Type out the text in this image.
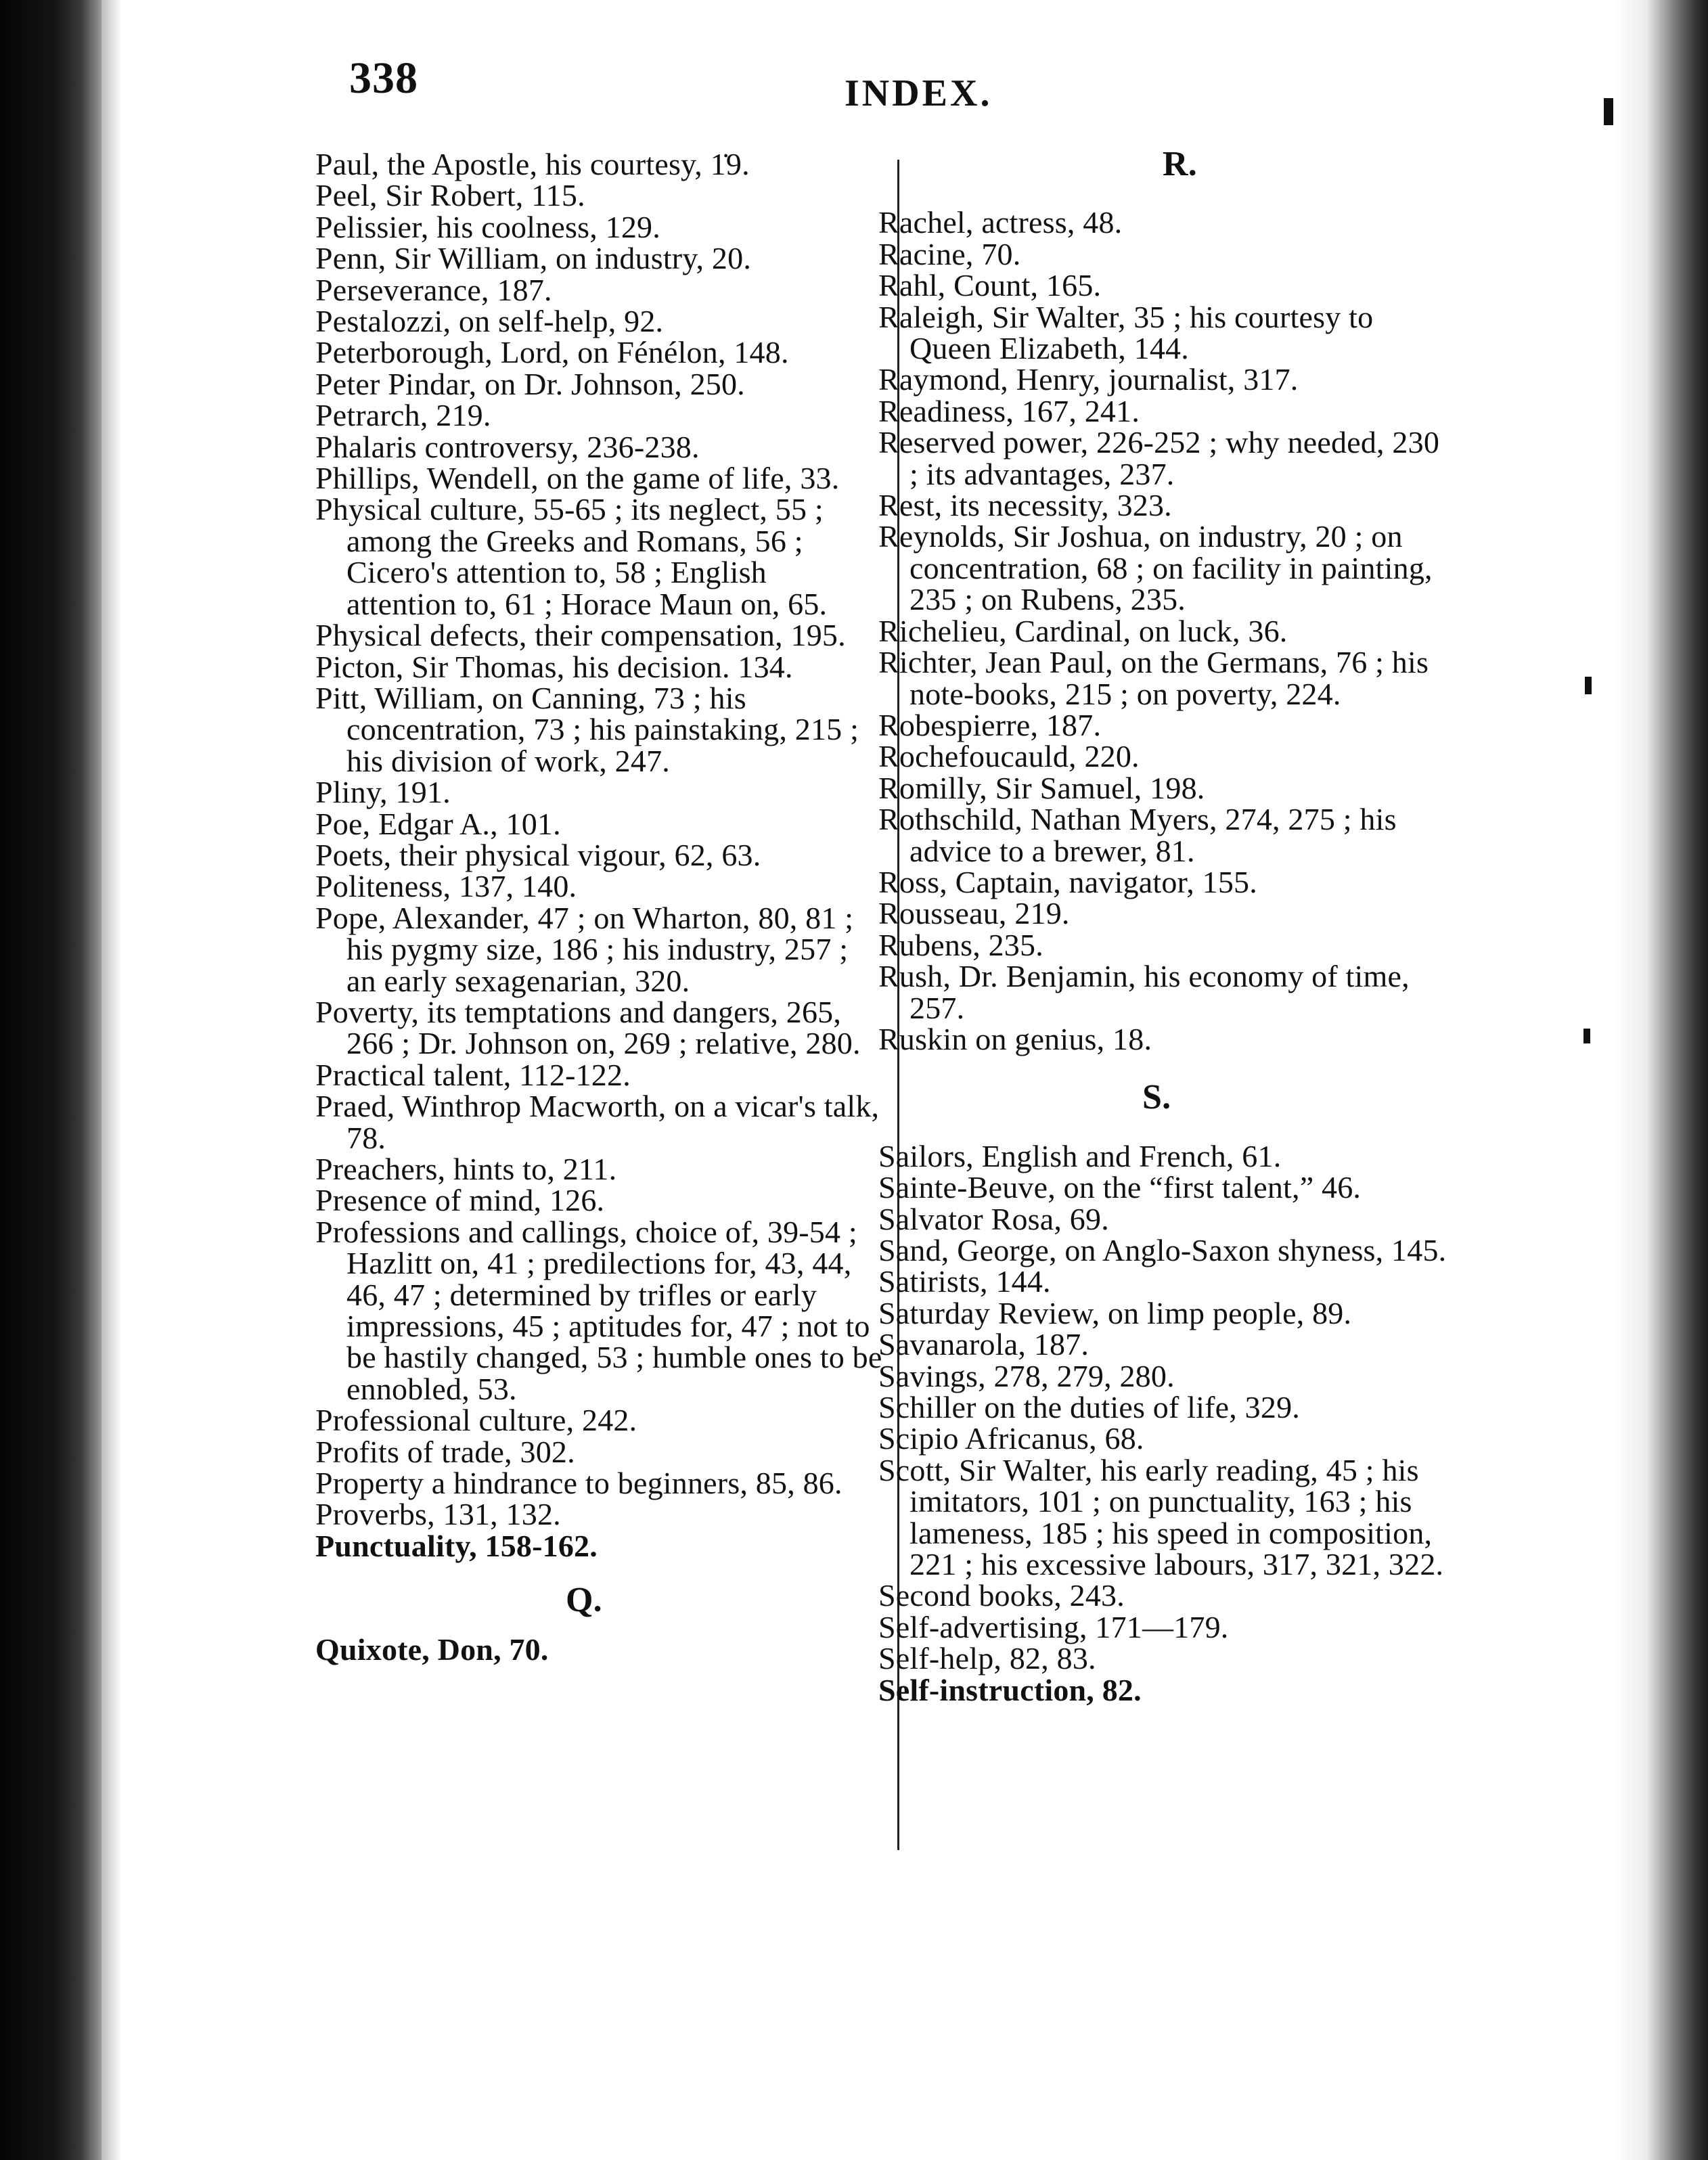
338	INDEX.
Paul, the Apostle, his courtesy, 1̇9.
Peel, Sir Robert, 115.
Pelissier, his coolness, 129.
Penn, Sir William, on industry, 20.
Perseverance, 187.
Pestalozzi, on self-help, 92.
Peterborough, Lord, on Fénélon, 148.
Peter Pindar, on Dr. Johnson, 250.
Petrarch, 219.
Phalaris controversy, 236-238.
Phillips, Wendell, on the game of life, 33.
Physical culture, 55-65 ; its neglect, 55 ; among the Greeks and Romans, 56 ; Cicero's attention to, 58 ; English attention to, 61 ; Horace Maun on, 65.
Physical defects, their compensation, 195.
Picton, Sir Thomas, his decision. 134.
Pitt, William, on Canning, 73 ; his concentration, 73 ; his painstaking, 215 ; his division of work, 247.
Pliny, 191.
Poe, Edgar A., 101.
Poets, their physical vigour, 62, 63.
Politeness, 137, 140.
Pope, Alexander, 47 ; on Wharton, 80, 81 ; his pygmy size, 186 ; his industry, 257 ; an early sexagenarian, 320.
Poverty, its temptations and dangers, 265, 266 ; Dr. Johnson on, 269 ; relative, 280.
Practical talent, 112-122.
Praed, Winthrop Macworth, on a vicar's talk, 78.
Preachers, hints to, 211.
Presence of mind, 126.
Professions and callings, choice of, 39-54 ; Hazlitt on, 41 ; predilections for, 43, 44, 46, 47 ; determined by trifles or early impressions, 45 ; aptitudes for, 47 ; not to be hastily changed, 53 ; humble ones to be ennobled, 53.
Professional culture, 242.
Profits of trade, 302.
Property a hindrance to beginners, 85, 86.
Proverbs, 131, 132.
Punctuality, 158-162.
Q.
Quixote, Don, 70.
R.
Rachel, actress, 48.
Racine, 70.
Rahl, Count, 165.
Raleigh, Sir Walter, 35 ; his courtesy to Queen Elizabeth, 144.
Raymond, Henry, journalist, 317.
Readiness, 167, 241.
Reserved power, 226-252 ; why needed, 230 ; its advantages, 237.
Rest, its necessity, 323.
Reynolds, Sir Joshua, on industry, 20 ; on concentration, 68 ; on facility in painting, 235 ; on Rubens, 235.
Richelieu, Cardinal, on luck, 36.
Richter, Jean Paul, on the Germans, 76 ; his note-books, 215 ; on poverty, 224.
Robespierre, 187.
Rochefoucauld, 220.
Romilly, Sir Samuel, 198.
Rothschild, Nathan Myers, 274, 275 ; his advice to a brewer, 81.
Ross, Captain, navigator, 155.
Rousseau, 219.
Rubens, 235.
Rush, Dr. Benjamin, his economy of time, 257.
Ruskin on genius, 18.
S.
Sailors, English and French, 61.
Sainte-Beuve, on the “first talent,” 46.
Salvator Rosa, 69.
Sand, George, on Anglo-Saxon shyness, 145.
Satirists, 144.
Saturday Review, on limp people, 89.
Savanarola, 187.
Savings, 278, 279, 280.
Schiller on the duties of life, 329.
Scipio Africanus, 68.
Scott, Sir Walter, his early reading, 45 ; his imitators, 101 ; on punctuality, 163 ; his lameness, 185 ; his speed in composition, 221 ; his excessive labours, 317, 321, 322.
Second books, 243.
Self-advertising, 171—179.
Self-help, 82, 83.
Self-instruction, 82.
